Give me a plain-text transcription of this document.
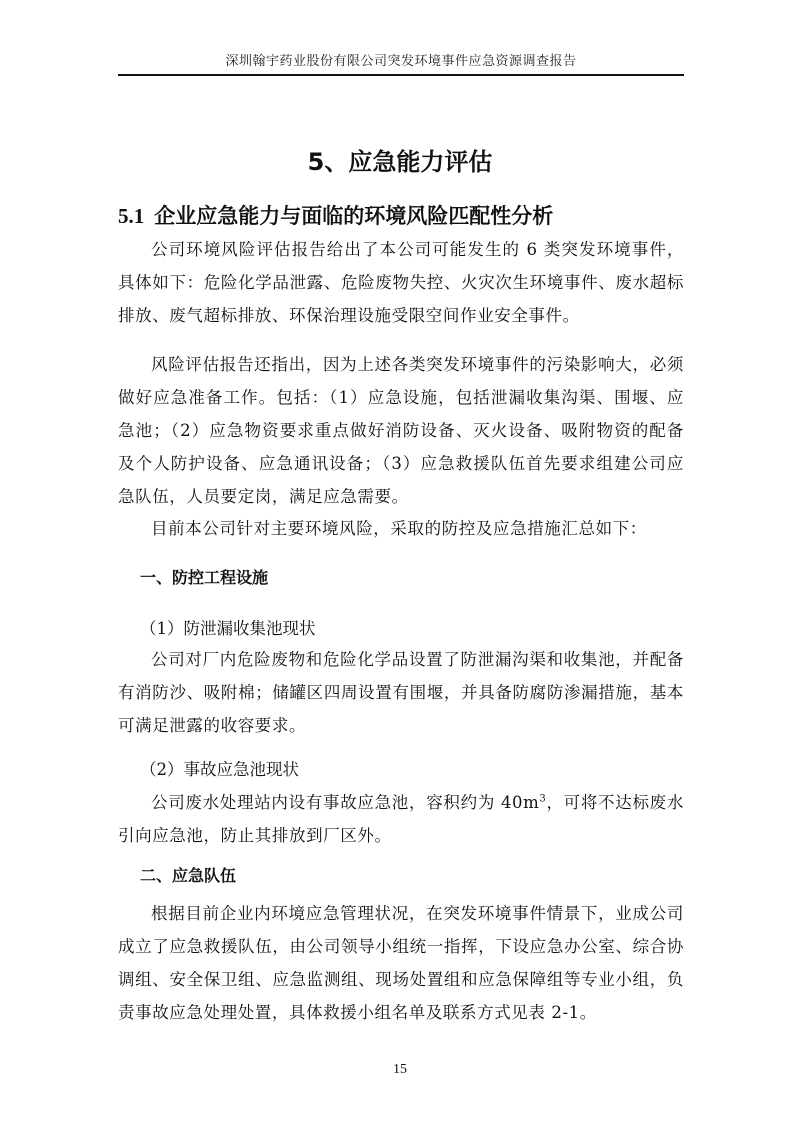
深圳翰宇药业股份有限公司突发环境事件应急资源调查报告
5、应急能力评估
5.1 企业应急能力与面临的环境风险匹配性分析

公司环境风险评估报告给出了本公司可能发生的 6 类突发环境事件，具体如下：危险化学品泄露、危险废物失控、火灾次生环境事件、废水超标排放、废气超标排放、环保治理设施受限空间作业安全事件。

风险评估报告还指出，因为上述各类突发环境事件的污染影响大，必须做好应急准备工作。包括：（1）应急设施，包括泄漏收集沟渠、围堰、应急池；（2）应急物资要求重点做好消防设备、灭火设备、吸附物资的配备及个人防护设备、应急通讯设备；（3）应急救援队伍首先要求组建公司应急队伍，人员要定岗，满足应急需要。

目前本公司针对主要环境风险，采取的防控及应急措施汇总如下：

一、防控工程设施
（1）防泄漏收集池现状

公司对厂内危险废物和危险化学品设置了防泄漏沟渠和收集池，并配备有消防沙、吸附棉；储罐区四周设置有围堰，并具备防腐防渗漏措施，基本可满足泄露的收容要求。

（2）事故应急池现状

公司废水处理站内设有事故应急池，容积约为 $40m^3$，可将不达标废水引向应急池，防止其排放到厂区外。

二、应急队伍

根据目前企业内环境应急管理状况，在突发环境事件情景下，业成公司成立了应急救援队伍，由公司领导小组统一指挥，下设应急办公室、综合协调组、安全保卫组、应急监测组、现场处置组和应急保障组等专业小组，负责事故应急处理处置，具体救援小组名单及联系方式见表 2-1。

15
